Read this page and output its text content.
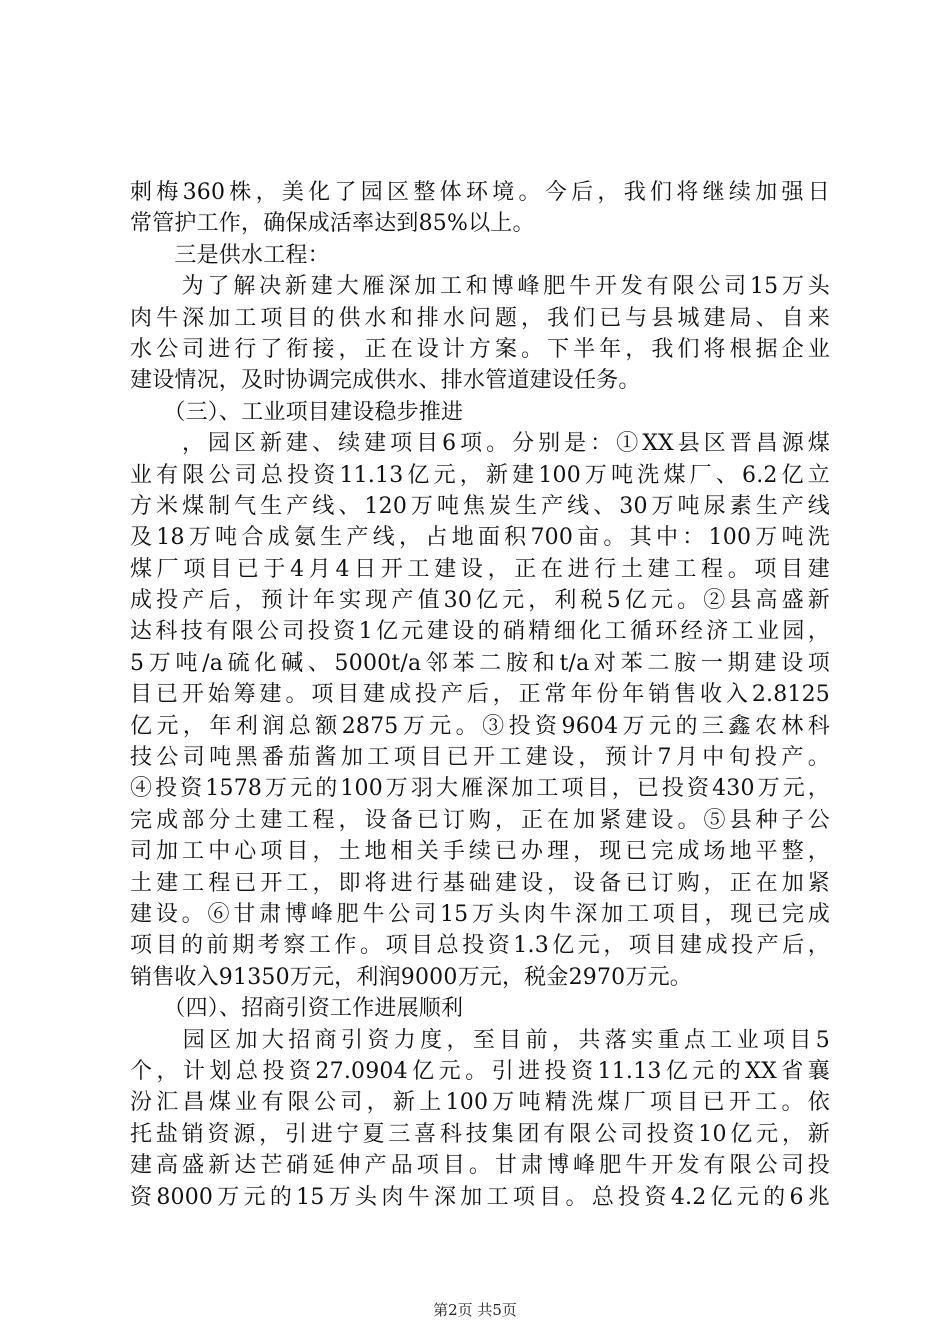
刺梅360株，美化了园区整体环境。今后，我们将继续加强日
常管护工作，确保成活率达到85%以上。
　　三是供水工程：
　　为了解决新建大雁深加工和博峰肥牛开发有限公司15万头
肉牛深加工项目的供水和排水问题，我们已与县城建局、自来
水公司进行了衔接，正在设计方案。下半年，我们将根据企业
建设情况，及时协调完成供水、排水管道建设任务。
　　（三）、工业项目建设稳步推进
　　，园区新建、续建项目6项。分别是：①XX县区晋昌源煤
业有限公司总投资11.13亿元，新建100万吨洗煤厂、6.2亿立
方米煤制气生产线、120万吨焦炭生产线、30万吨尿素生产线
及18万吨合成氨生产线，占地面积700亩。其中：100万吨洗
煤厂项目已于4月4日开工建设，正在进行土建工程。项目建
成投产后，预计年实现产值30亿元，利税5亿元。②县高盛新
达科技有限公司投资1亿元建设的硝精细化工循环经济工业园，
5万吨/a硫化碱、5000t/a邻苯二胺和t/a对苯二胺一期建设项
目已开始筹建。项目建成投产后，正常年份年销售收入2.8125
亿元，年利润总额2875万元。③投资9604万元的三鑫农林科
技公司吨黑番茄酱加工项目已开工建设，预计7月中旬投产。
④投资1578万元的100万羽大雁深加工项目，已投资430万元，
完成部分土建工程，设备已订购，正在加紧建设。⑤县种子公
司加工中心项目，土地相关手续已办理，现已完成场地平整，
土建工程已开工，即将进行基础建设，设备已订购，正在加紧
建设。⑥甘肃博峰肥牛公司15万头肉牛深加工项目，现已完成
项目的前期考察工作。项目总投资1.3亿元，项目建成投产后，
销售收入91350万元，利润9000万元，税金2970万元。
　　（四）、招商引资工作进展顺利
　　园区加大招商引资力度，至目前，共落实重点工业项目5
个，计划总投资27.0904亿元。引进投资11.13亿元的XX省襄
汾汇昌煤业有限公司，新上100万吨精洗煤厂项目已开工。依
托盐销资源，引进宁夏三喜科技集团有限公司投资10亿元，新
建高盛新达芒硝延伸产品项目。甘肃博峰肥牛开发有限公司投
资8000万元的15万头肉牛深加工项目。总投资4.2亿元的6兆
第2页 共5页
